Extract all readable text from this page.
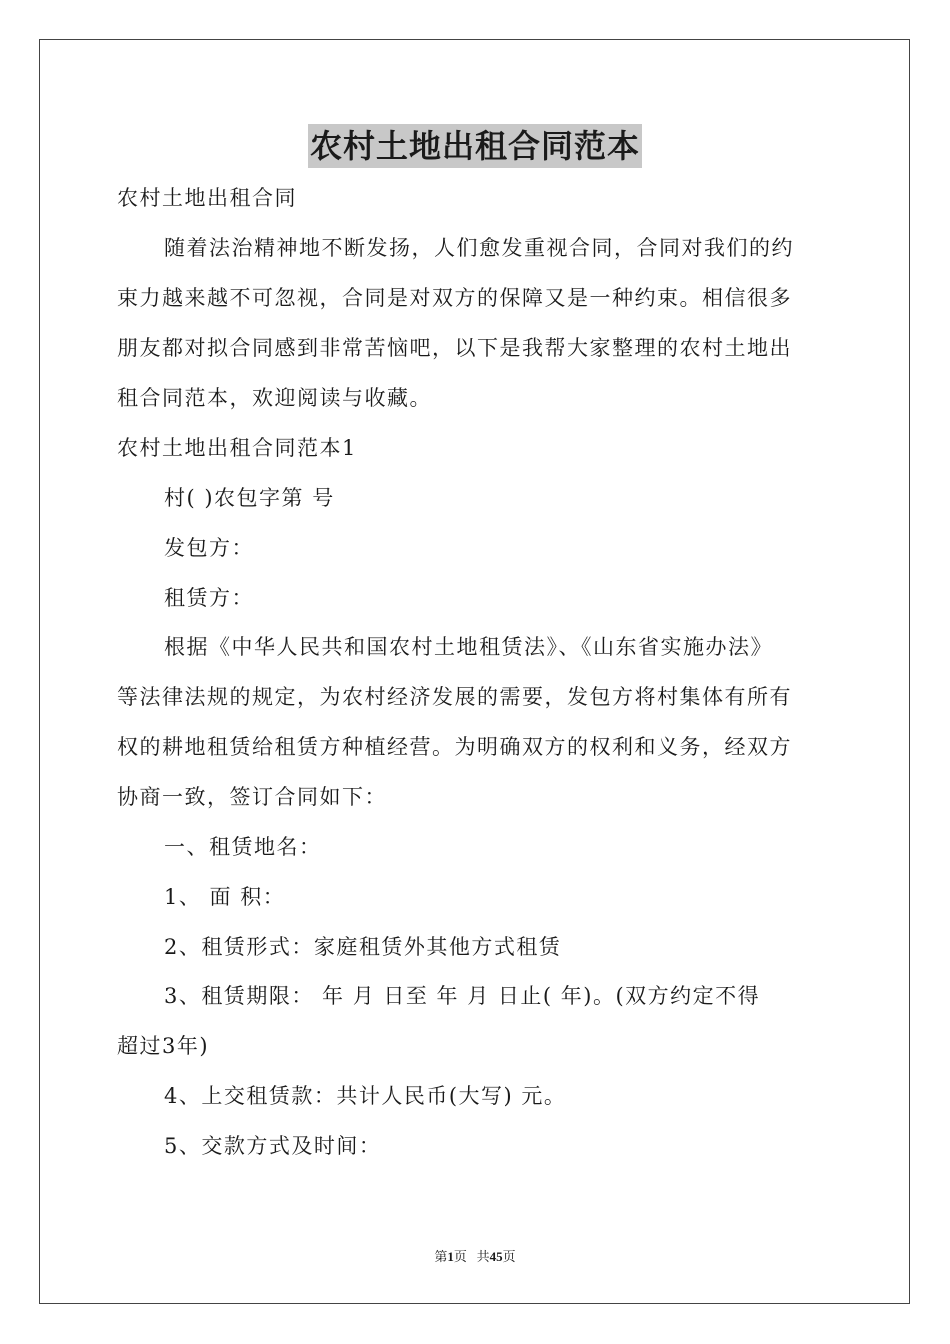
农村土地出租合同范本
农村土地出租合同
随着法治精神地不断发扬，人们愈发重视合同，合同对我们的约
束力越来越不可忽视，合同是对双方的保障又是一种约束。相信很多
朋友都对拟合同感到非常苦恼吧，以下是我帮大家整理的农村土地出
租合同范本，欢迎阅读与收藏。
农村土地出租合同范本1
村( )农包字第 号
发包方：
租赁方：
根据《中华人民共和国农村土地租赁法》、《山东省实施办法》
等法律法规的规定，为农村经济发展的需要，发包方将村集体有所有
权的耕地租赁给租赁方种植经营。为明确双方的权利和义务，经双方
协商一致，签订合同如下：
一、租赁地名：
1、 面 积：
2、租赁形式：家庭租赁外其他方式租赁
3、租赁期限： 年 月 日至 年 月 日止( 年)。(双方约定不得
超过3年)
4、上交租赁款：共计人民币(大写) 元。
5、交款方式及时间：
第1页   共45页
